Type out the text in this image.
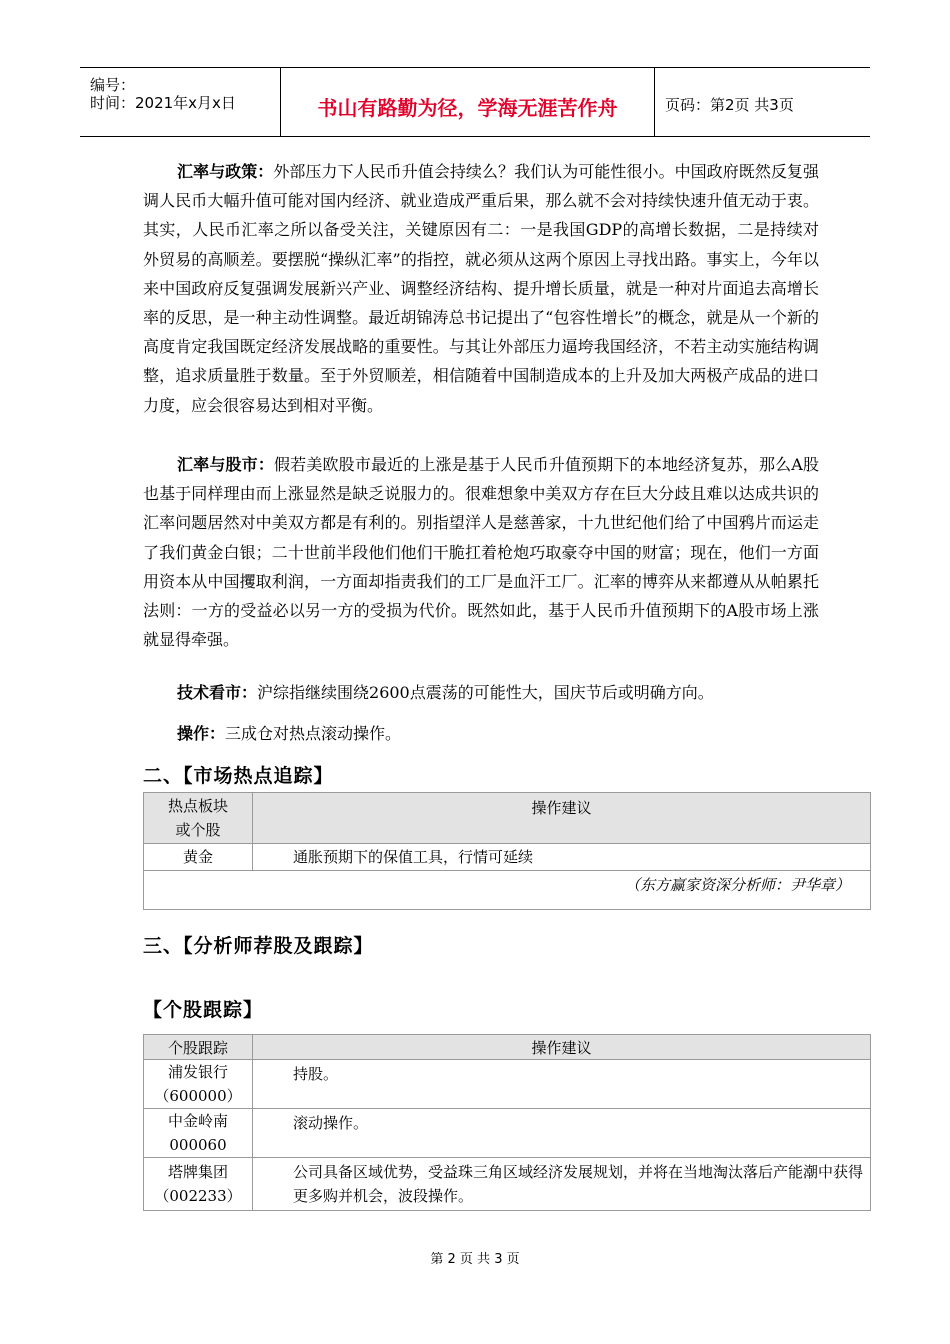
编号：
时间：2021年x月x日	书山有路勤为径，学海无涯苦作舟	页码：第2页 共3页
汇率与政策：外部压力下人民币升值会持续么？我们认为可能性很小。中国政府既然反复强调人民币大幅升值可能对国内经济、就业造成严重后果，那么就不会对持续快速升值无动于衷。其实，人民币汇率之所以备受关注，关键原因有二：一是我国GDP的高增长数据，二是持续对外贸易的高顺差。要摆脱“操纵汇率”的指控，就必须从这两个原因上寻找出路。事实上，今年以来中国政府反复强调发展新兴产业、调整经济结构、提升增长质量，就是一种对片面追去高增长率的反思，是一种主动性调整。最近胡锦涛总书记提出了“包容性增长”的概念，就是从一个新的高度肯定我国既定经济发展战略的重要性。与其让外部压力逼垮我国经济，不若主动实施结构调整，追求质量胜于数量。至于外贸顺差，相信随着中国制造成本的上升及加大两极产成品的进口力度，应会很容易达到相对平衡。
汇率与股市：假若美欧股市最近的上涨是基于人民币升值预期下的本地经济复苏，那么A股也基于同样理由而上涨显然是缺乏说服力的。很难想象中美双方存在巨大分歧且难以达成共识的汇率问题居然对中美双方都是有利的。别指望洋人是慈善家，十九世纪他们给了中国鸦片而运走了我们黄金白银；二十世前半段他们他们干脆扛着枪炮巧取豪夺中国的财富；现在，他们一方面用资本从中国攫取利润，一方面却指责我们的工厂是血汗工厂。汇率的博弈从来都遵从从帕累托法则：一方的受益必以另一方的受损为代价。既然如此，基于人民币升值预期下的A股市场上涨就显得牵强。
技术看市：沪综指继续围绕2600点震荡的可能性大，国庆节后或明确方向。
操作：三成仓对热点滚动操作。
二、【市场热点追踪】
热点板块或个股	操作建议
黄金	通胀预期下的保值工具，行情可延续
（东方赢家资深分析师：尹华章）	
三、【分析师荐股及跟踪】
【个股跟踪】
个股跟踪	操作建议

浦发银行
（600000）	持股。

中金岭南
000060	滚动操作。

塔牌集团
（002233）	公司具备区域优势，受益珠三角区域经济发展规划，并将在当地淘汰落后产能潮中获得更多购并机会，波段操作。
第 2 页 共 3 页
